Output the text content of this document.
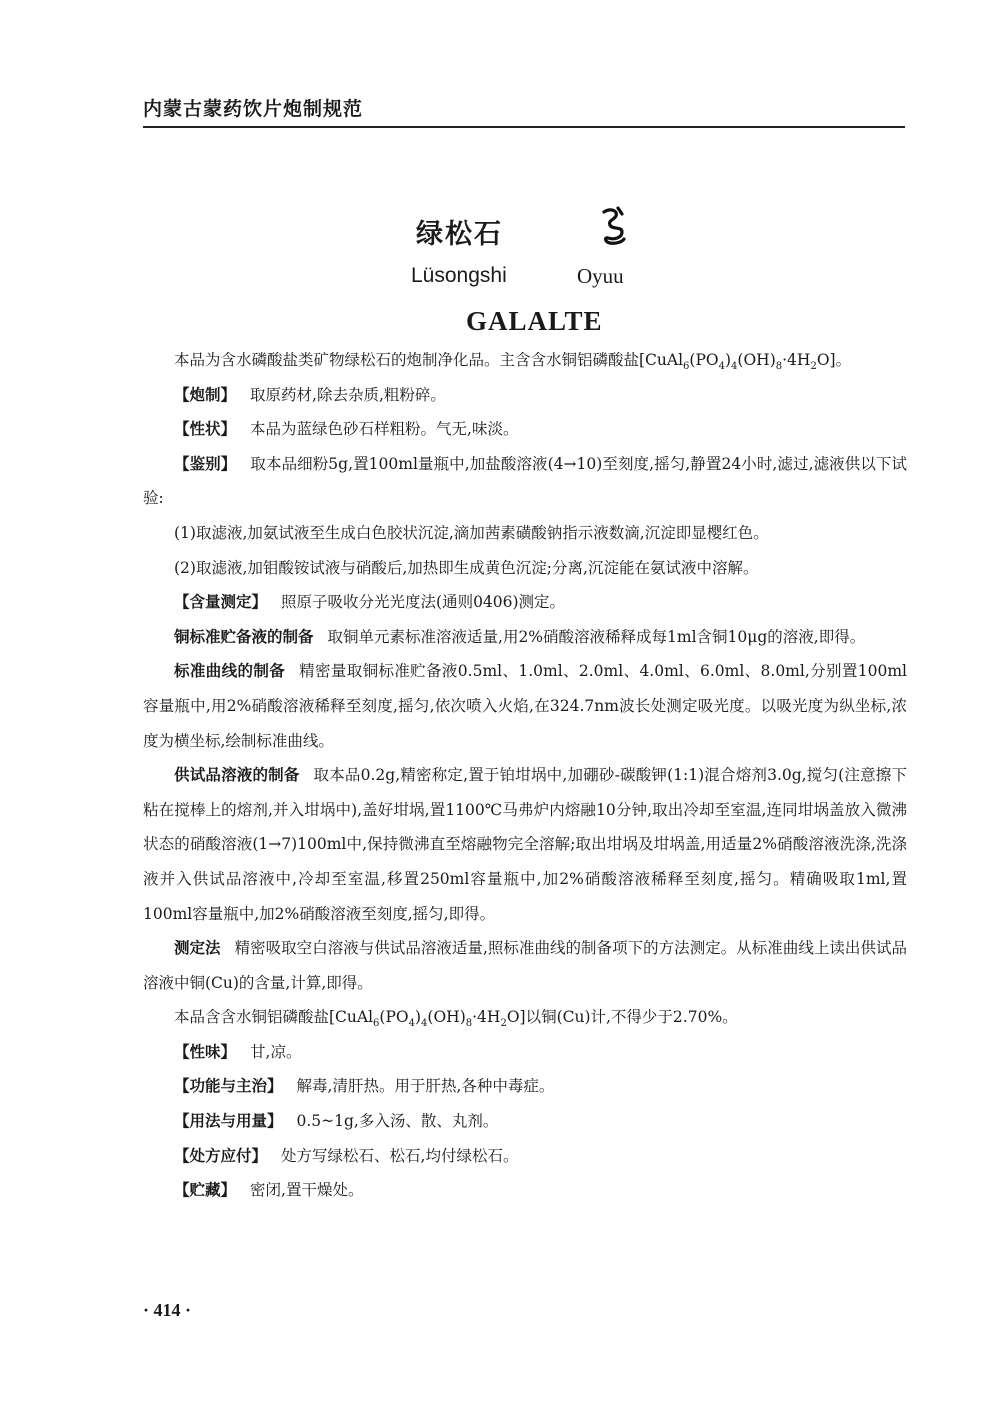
内蒙古蒙药饮片炮制规范
绿松石
Lüsongshi	Oyuu
GALALTE

本品为含水磷酸盐类矿物绿松石的炮制净化品。主含含水铜铝磷酸盐$[CuAl_6(PO_4)_4(OH)_8\cdot 4H_2O]$。

【炮制】 取原药材,除去杂质,粗粉碎。

【性状】 本品为蓝绿色砂石样粗粉。气无,味淡。

【鉴别】 取本品细粉5g,置100ml量瓶中,加盐酸溶液(4→10)至刻度,摇匀,静置24小时,滤过,滤液供以下试验:

(1)取滤液,加氨试液至生成白色胶状沉淀,滴加茜素磺酸钠指示液数滴,沉淀即显樱红色。

(2)取滤液,加钼酸铵试液与硝酸后,加热即生成黄色沉淀;分离,沉淀能在氨试液中溶解。

【含量测定】 照原子吸收分光光度法(通则0406)测定。

铜标准贮备液的制备 取铜单元素标准溶液适量,用2%硝酸溶液稀释成每1ml含铜10μg的溶液,即得。

标准曲线的制备 精密量取铜标准贮备液0.5ml、1.0ml、2.0ml、4.0ml、6.0ml、8.0ml,分别置100ml容量瓶中,用2%硝酸溶液稀释至刻度,摇匀,依次喷入火焰,在324.7nm波长处测定吸光度。以吸光度为纵坐标,浓度为横坐标,绘制标准曲线。

供试品溶液的制备 取本品0.2g,精密称定,置于铂坩埚中,加硼砂-碳酸钾(1:1)混合熔剂3.0g,搅匀(注意擦下粘在搅棒上的熔剂,并入坩埚中),盖好坩埚,置1100℃马弗炉内熔融10分钟,取出冷却至室温,连同坩埚盖放入微沸状态的硝酸溶液(1→7)100ml中,保持微沸直至熔融物完全溶解;取出坩埚及坩埚盖,用适量2%硝酸溶液洗涤,洗涤液并入供试品溶液中,冷却至室温,移置250ml容量瓶中,加2%硝酸溶液稀释至刻度,摇匀。精确吸取1ml,置100ml容量瓶中,加2%硝酸溶液至刻度,摇匀,即得。

测定法 精密吸取空白溶液与供试品溶液适量,照标准曲线的制备项下的方法测定。从标准曲线上读出供试品溶液中铜(Cu)的含量,计算,即得。

本品含含水铜铝磷酸盐$[CuAl_6(PO_4)_4(OH)_8\cdot 4H_2O]$以铜(Cu)计,不得少于2.70%。

【性味】 甘,凉。

【功能与主治】 解毒,清肝热。用于肝热,各种中毒症。

【用法与用量】 0.5~1g,多入汤、散、丸剂。

【处方应付】 处方写绿松石、松石,均付绿松石。

【贮藏】 密闭,置干燥处。

· 414 ·
